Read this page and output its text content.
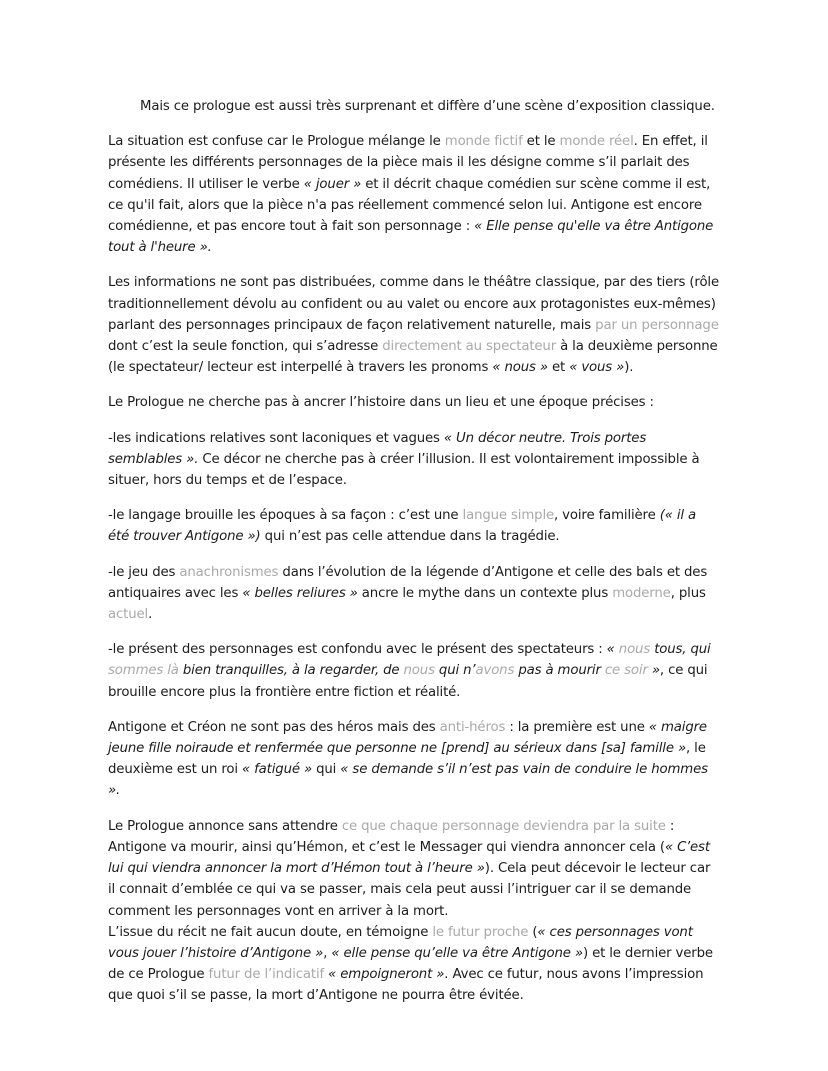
Mais ce prologue est aussi très surprenant et diffère d’une scène d’exposition classique.

La situation est confuse car le Prologue mélange le monde fictif et le monde réel. En effet, il présente les différents personnages de la pièce mais il les désigne comme s’il parlait des comédiens. Il utiliser le verbe « jouer » et il décrit chaque comédien sur scène comme il est, ce qu'il fait, alors que la pièce n'a pas réellement commencé selon lui. Antigone est encore comédienne, et pas encore tout à fait son personnage : « Elle pense qu'elle va être Antigone tout à l'heure ».

Les informations ne sont pas distribuées, comme dans le théâtre classique, par des tiers (rôle traditionnellement dévolu au confident ou au valet ou encore aux protagonistes eux-mêmes) parlant des personnages principaux de façon relativement naturelle, mais par un personnage dont c’est la seule fonction, qui s’adresse directement au spectateur à la deuxième personne (le spectateur/ lecteur est interpellé à travers les pronoms « nous » et « vous »).

Le Prologue ne cherche pas à ancrer l’histoire dans un lieu et une époque précises :

-les indications relatives sont laconiques et vagues « Un décor neutre. Trois portes semblables ». Ce décor ne cherche pas à créer l’illusion. Il est volontairement impossible à situer, hors du temps et de l’espace.

-le langage brouille les époques à sa façon : c’est une langue simple, voire familière (« il a été trouver Antigone ») qui n’est pas celle attendue dans la tragédie.

-le jeu des anachronismes dans l’évolution de la légende d’Antigone et celle des bals et des antiquaires avec les « belles reliures » ancre le mythe dans un contexte plus moderne, plus actuel.

-le présent des personnages est confondu avec le présent des spectateurs : « nous tous, qui sommes là bien tranquilles, à la regarder, de nous qui n’avons pas à mourir ce soir », ce qui brouille encore plus la frontière entre fiction et réalité.

Antigone et Créon ne sont pas des héros mais des anti-héros : la première est une « maigre jeune fille noiraude et renfermée que personne ne [prend] au sérieux dans [sa] famille », le deuxième est un roi « fatigué » qui « se demande s’il n’est pas vain de conduire le hommes ».

Le Prologue annonce sans attendre ce que chaque personnage deviendra par la suite : Antigone va mourir, ainsi qu’Hémon, et c’est le Messager qui viendra annoncer cela (« C’est lui qui viendra annoncer la mort d’Hémon tout à l’heure »). Cela peut décevoir le lecteur car il connait d’emblée ce qui va se passer, mais cela peut aussi l’intriguer car il se demande comment les personnages vont en arriver à la mort.

L’issue du récit ne fait aucun doute, en témoigne le futur proche (« ces personnages vont vous jouer l’histoire d’Antigone », « elle pense qu’elle va être Antigone ») et le dernier verbe de ce Prologue futur de l’indicatif « empoigneront ». Avec ce futur, nous avons l’impression que quoi s’il se passe, la mort d’Antigone ne pourra être évitée.
